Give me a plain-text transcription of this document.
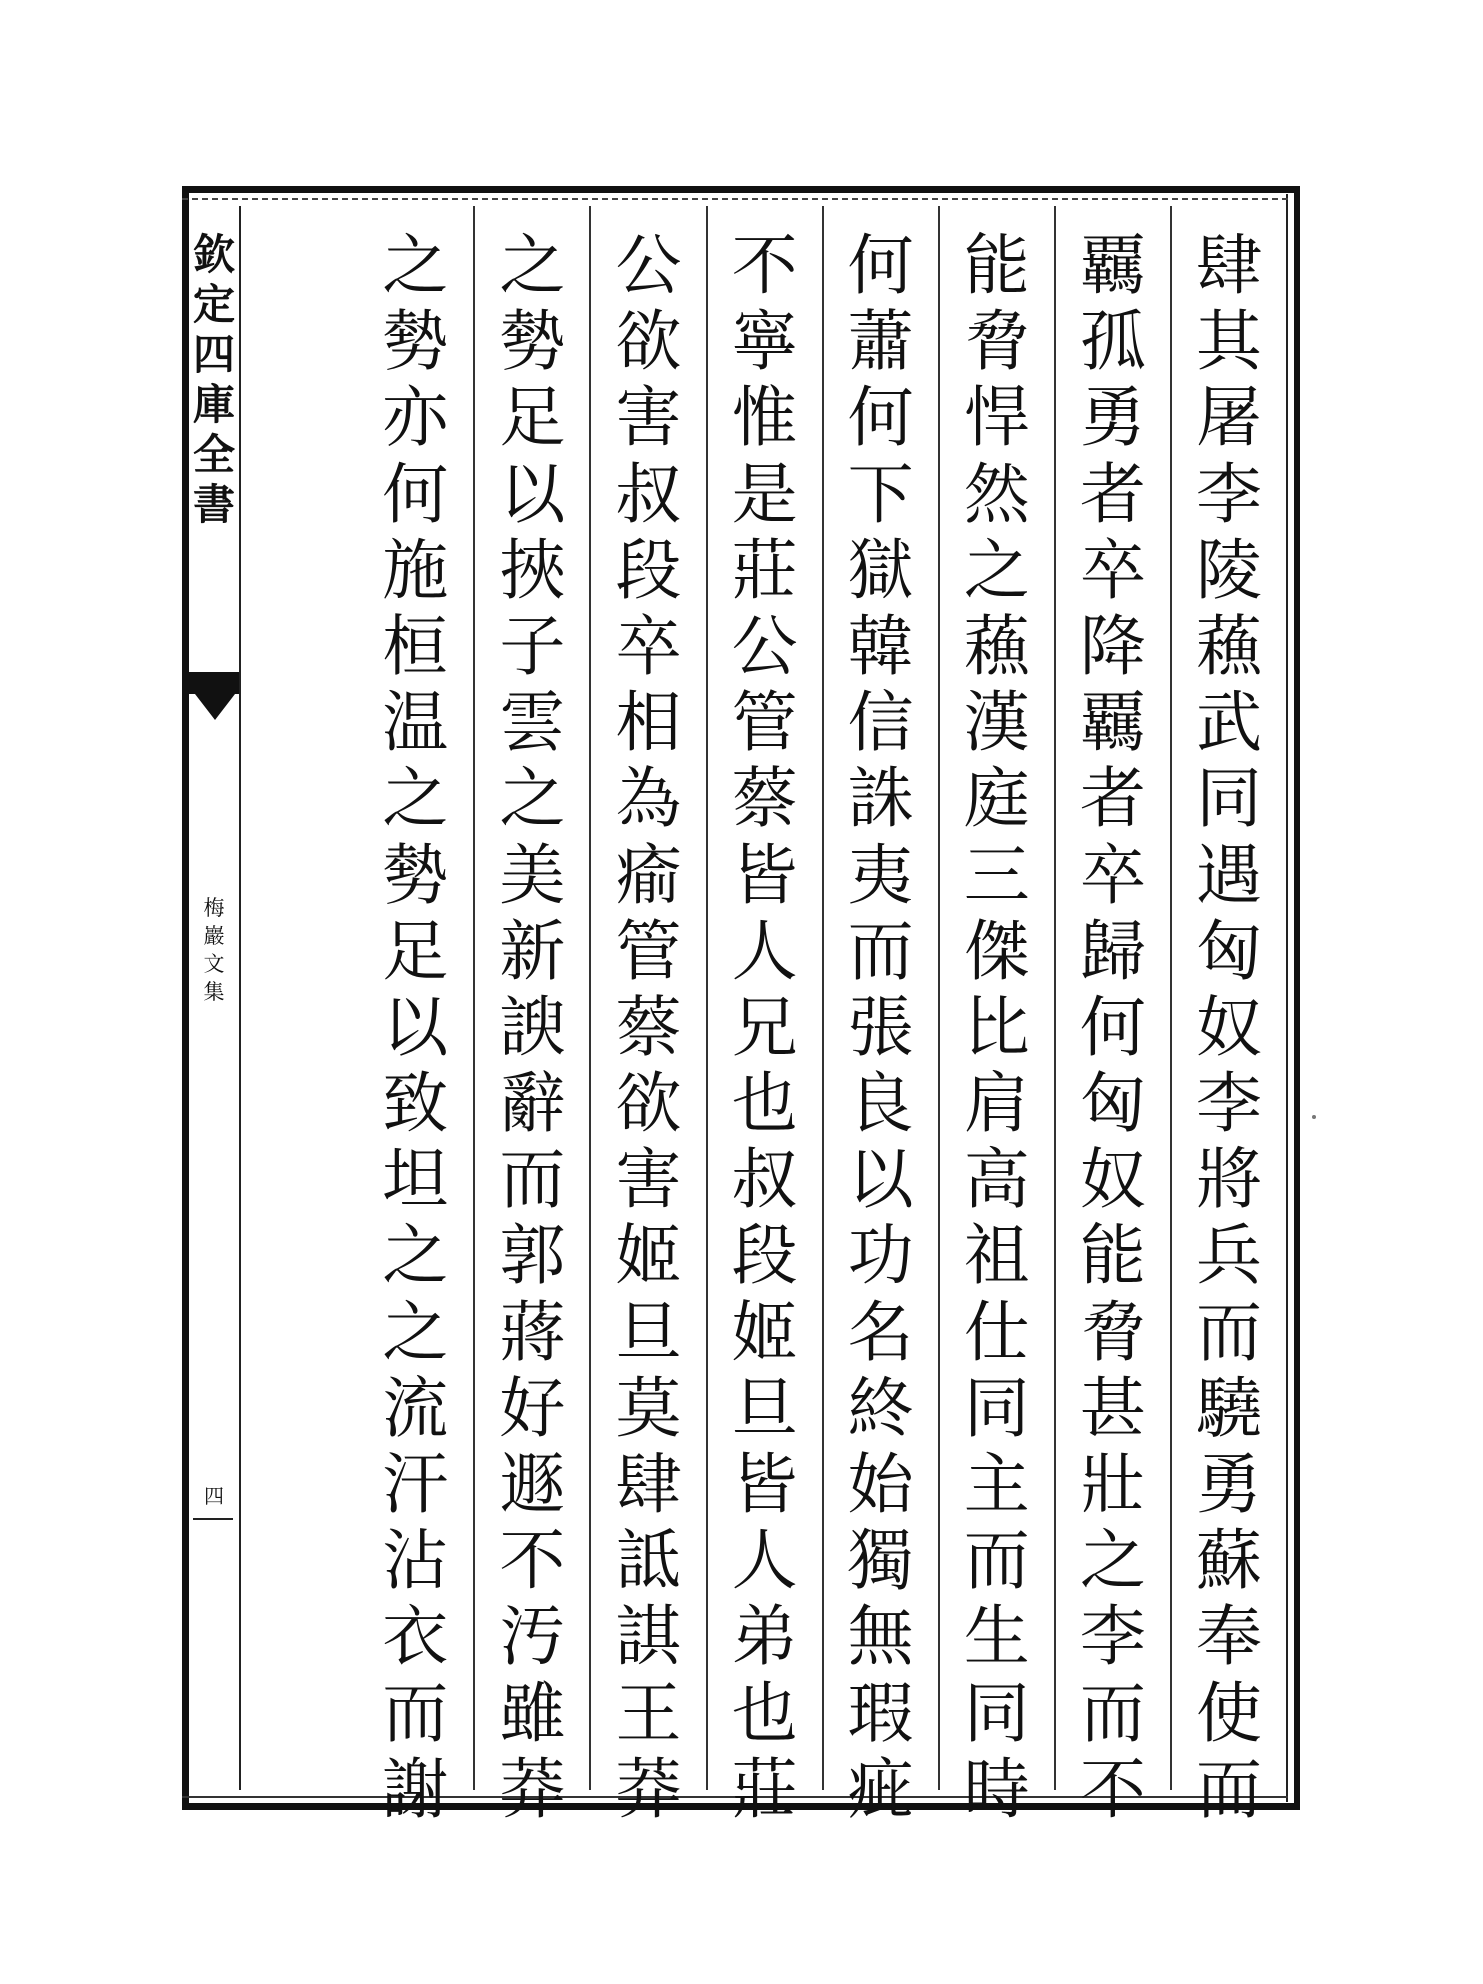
欽
定
四
庫
全
書
梅
巖
文
集
四
肆
其
屠
李
陵
蘓
武
同
遇
匈
奴
李
將
兵
而
驍
勇
蘇
奉
使
而
覊
孤
勇
者
卒
降
覊
者
卒
歸
何
匈
奴
能
脅
甚
壯
之
李
而
不
能
脅
悍
然
之
蘓
漢
庭
三
傑
比
肩
高
祖
仕
同
主
而
生
同
時
何
蕭
何
下
獄
韓
信
誅
夷
而
張
良
以
功
名
終
始
獨
無
瑕
疵
不
寧
惟
是
莊
公
管
蔡
皆
人
兄
也
叔
段
姬
旦
皆
人
弟
也
莊
公
欲
害
叔
段
卒
相
為
瘉
管
蔡
欲
害
姬
旦
莫
肆
詆
諆
王
莽
之
勢
足
以
挾
子
雲
之
美
新
諛
辭
而
郭
蔣
好
遯
不
汚
雖
莽
之
勢
亦
何
施
桓
温
之
勢
足
以
致
坦
之
之
流
汗
沾
衣
而
謝
